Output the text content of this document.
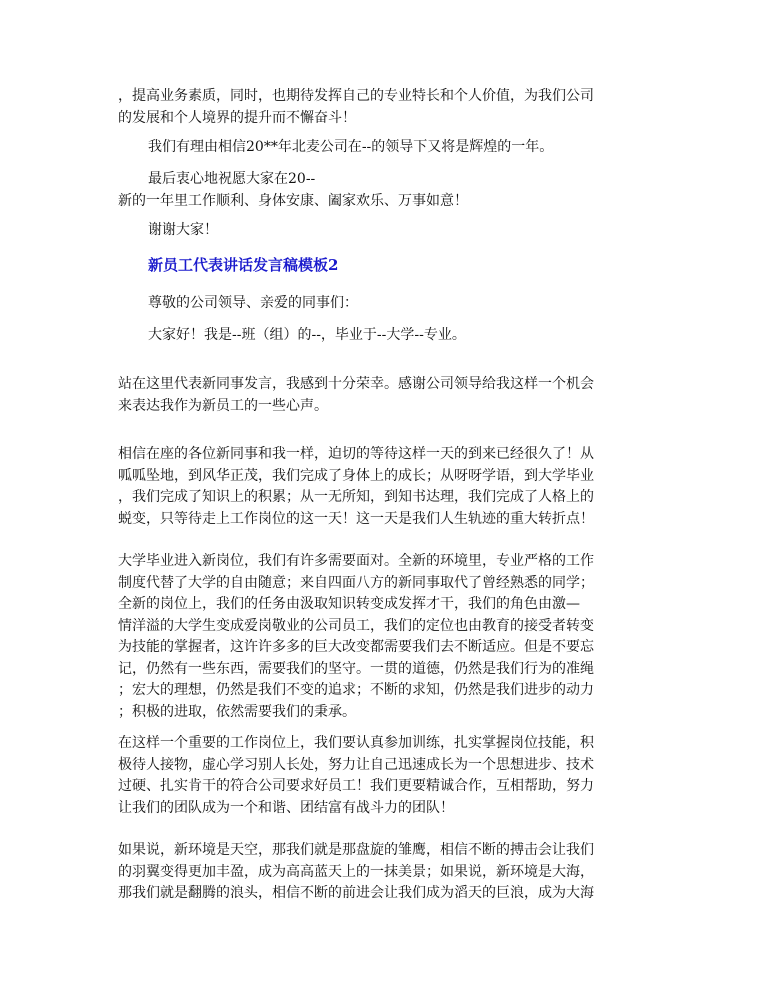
，提高业务素质，同时，也期待发挥自己的专业特长和个人价值，为我们公司
的发展和个人境界的提升而不懈奋斗！
我们有理由相信20**年北麦公司在--的领导下又将是辉煌的一年。
最后衷心地祝愿大家在20--
新的一年里工作顺利、身体安康、阖家欢乐、万事如意！
谢谢大家！
新员工代表讲话发言稿模板2
尊敬的公司领导、亲爱的同事们：
大家好！我是--班（组）的--，毕业于--大学--专业。
站在这里代表新同事发言，我感到十分荣幸。感谢公司领导给我这样一个机会
来表达我作为新员工的一些心声。
相信在座的各位新同事和我一样，迫切的等待这样一天的到来已经很久了！从
呱呱坠地，到风华正茂，我们完成了身体上的成长；从呀呀学语，到大学毕业
，我们完成了知识上的积累；从一无所知，到知书达理，我们完成了人格上的
蜕变，只等待走上工作岗位的这一天！这一天是我们人生轨迹的重大转折点！
大学毕业进入新岗位，我们有许多需要面对。全新的环境里，专业严格的工作
制度代替了大学的自由随意；来自四面八方的新同事取代了曾经熟悉的同学；
全新的岗位上，我们的任务由汲取知识转变成发挥才干，我们的角色由激—
情洋溢的大学生变成爱岗敬业的公司员工，我们的定位也由教育的接受者转变
为技能的掌握者，这许许多多的巨大改变都需要我们去不断适应。但是不要忘
记，仍然有一些东西，需要我们的坚守。一贯的道德，仍然是我们行为的准绳
；宏大的理想，仍然是我们不变的追求；不断的求知，仍然是我们进步的动力
；积极的进取，依然需要我们的秉承。
在这样一个重要的工作岗位上，我们要认真参加训练，扎实掌握岗位技能，积
极待人接物，虚心学习别人长处，努力让自己迅速成长为一个思想进步、技术
过硬、扎实肯干的符合公司要求好员工！我们更要精诚合作，互相帮助，努力
让我们的团队成为一个和谐、团结富有战斗力的团队！
如果说，新环境是天空，那我们就是那盘旋的雏鹰，相信不断的搏击会让我们
的羽翼变得更加丰盈，成为高高蓝天上的一抹美景；如果说，新环境是大海，
那我们就是翻腾的浪头，相信不断的前进会让我们成为滔天的巨浪，成为大海
